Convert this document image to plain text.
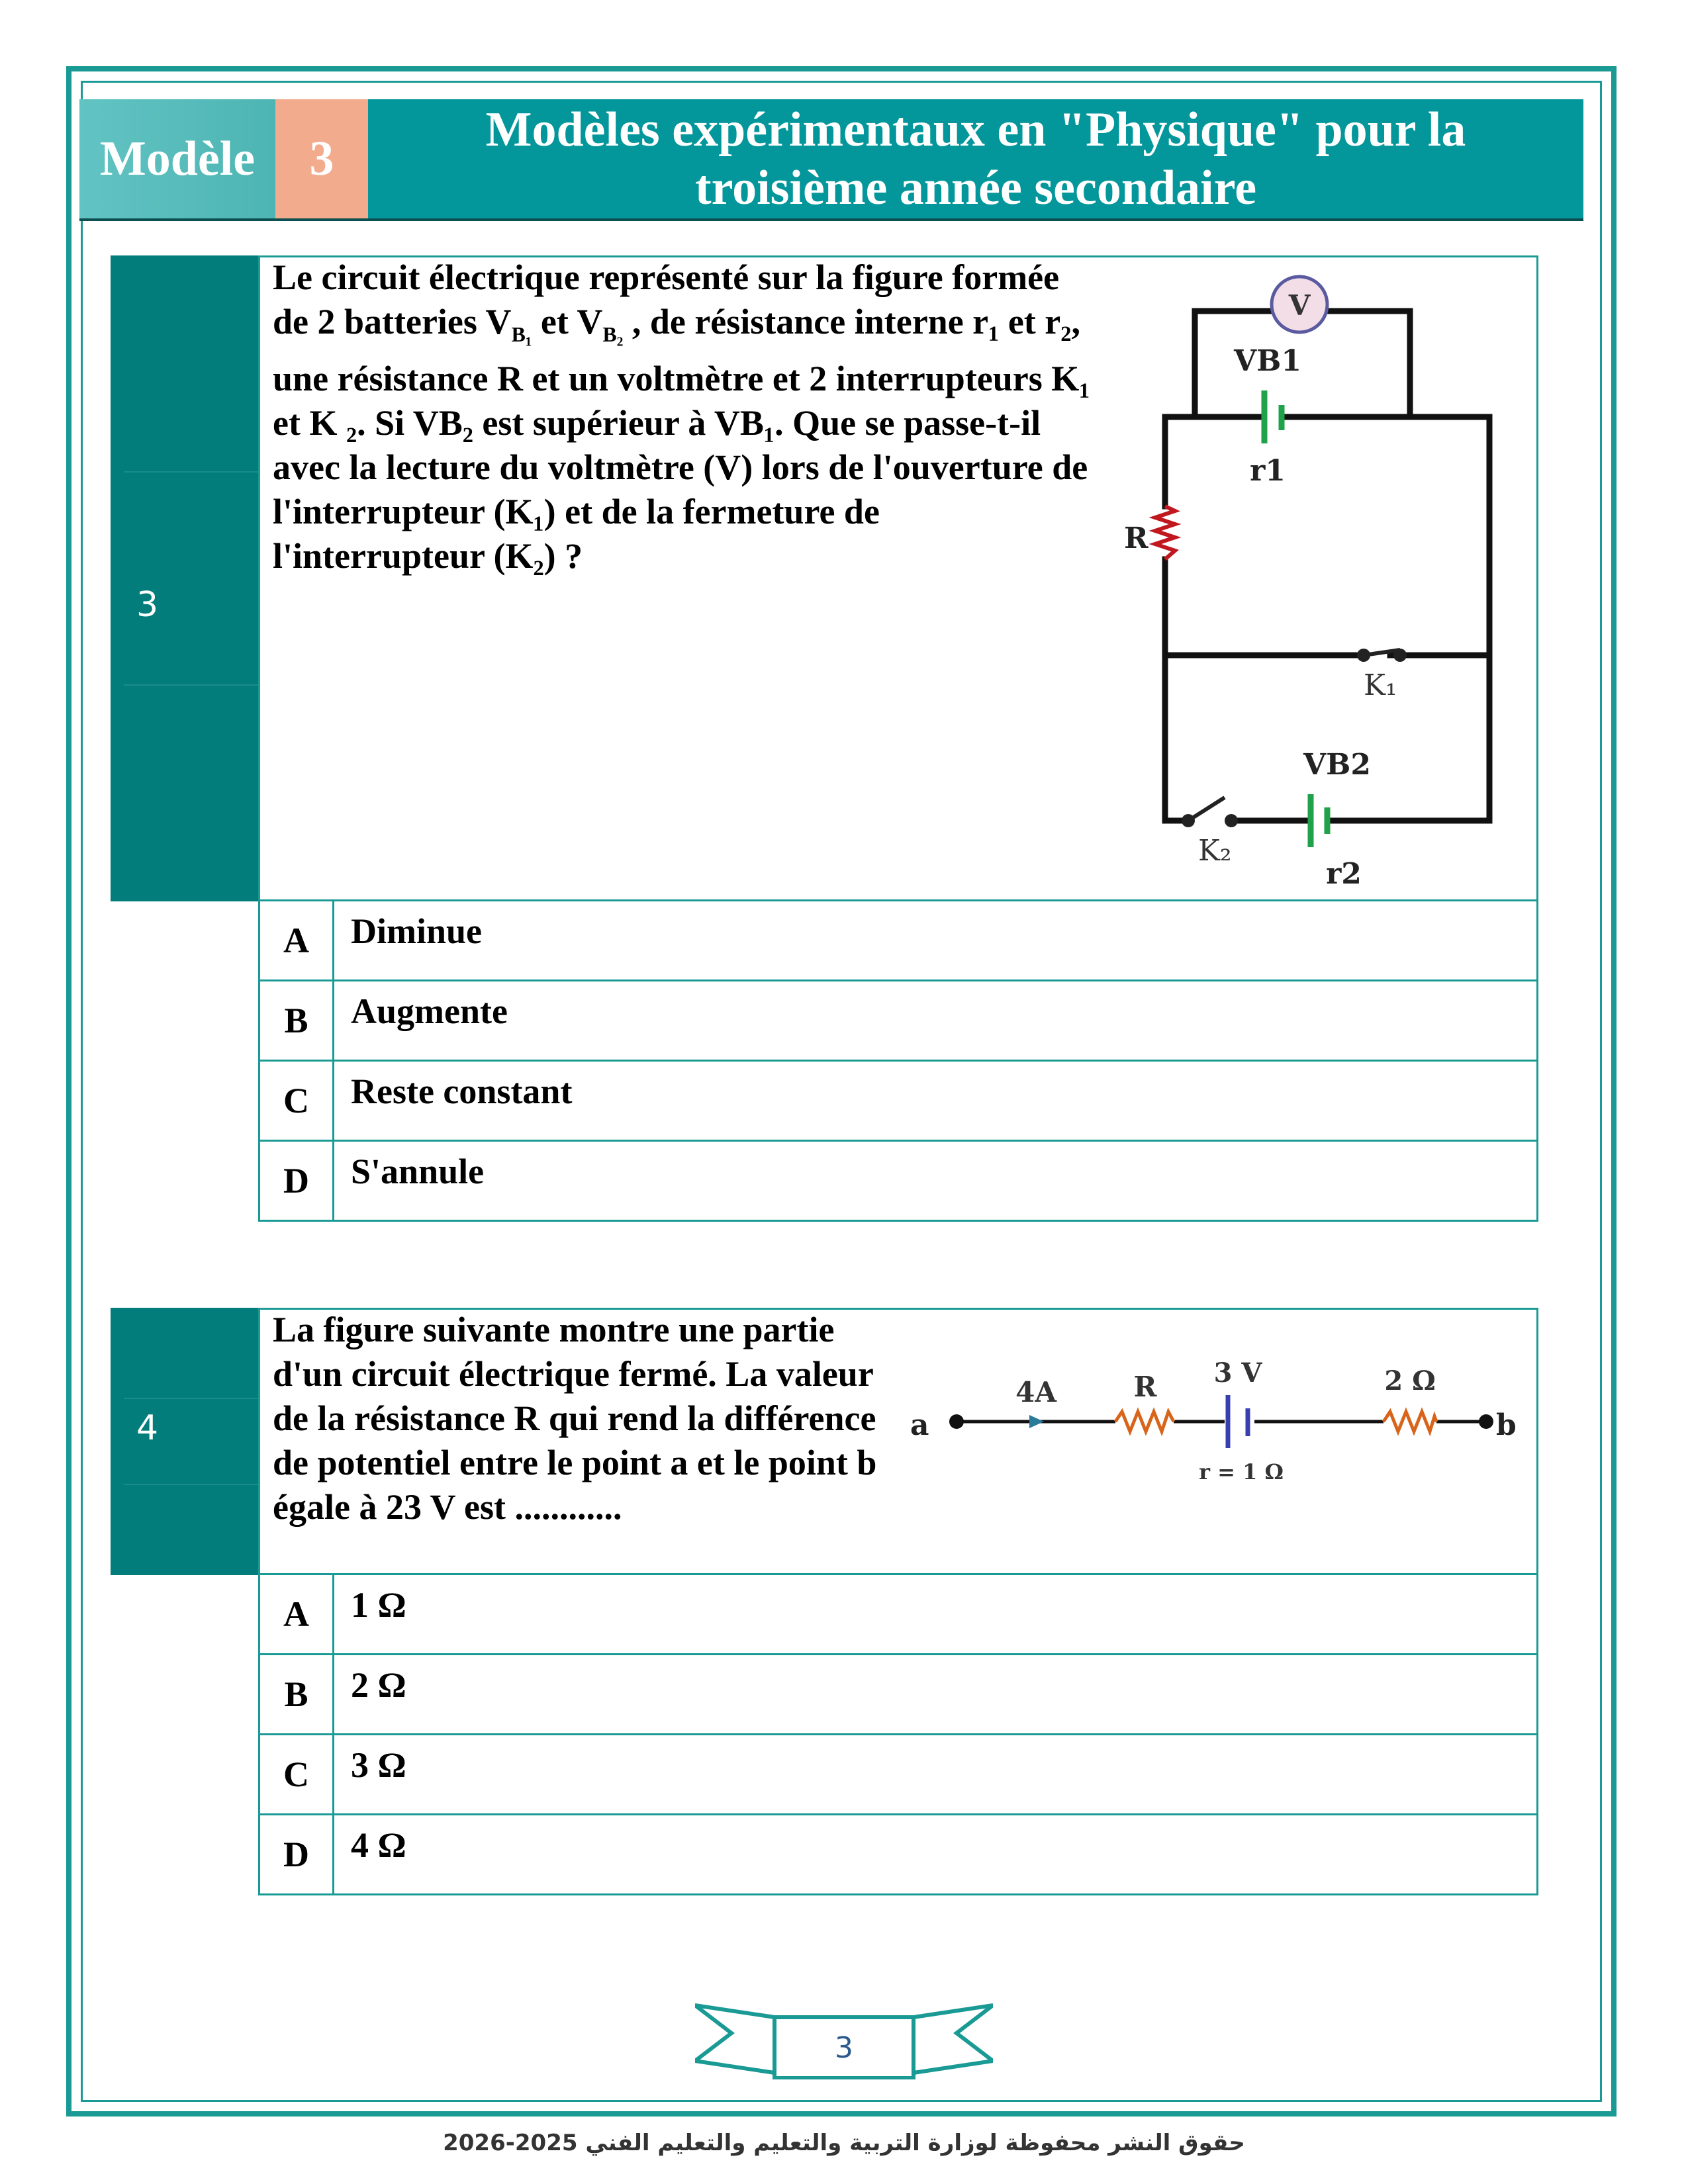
Modèle 3
Modèles expérimentaux en "Physique" pour la
troisième année secondaire
3
Le circuit électrique représenté sur la figure formée de 2 batteries $V_{B_1}$ et $V_{B_2}$ , de résistance interne r₁ et r₂, une résistance R et un voltmètre et 2 interrupteurs K₁ et K ₂. Si VB₂ est supérieur à VB₁. Que se passe-t-il avec la lecture du voltmètre (V) lors de l'ouverture de l'interrupteur (K₁) et de la fermeture de l'interrupteur (K₂) ?
V
VB1
r1
R
K₁
VB2
r2
K₂
A	Diminue
B	Augmente
C	Reste constant
D	S'annule
4
La figure suivante montre une partie d'un circuit électrique fermé. La valeur de la résistance R qui rend la différence de potentiel entre le point a et le point b égale à 23 V est ............
a	b
4A	R 3 V
r = 1 Ω
2 Ω
A	1 Ω
B	2 Ω
C	3 Ω
D	4 Ω
3
حقوق النشر محفوظة لوزارة التربية والتعليم والتعليم الفني 2025-2026
